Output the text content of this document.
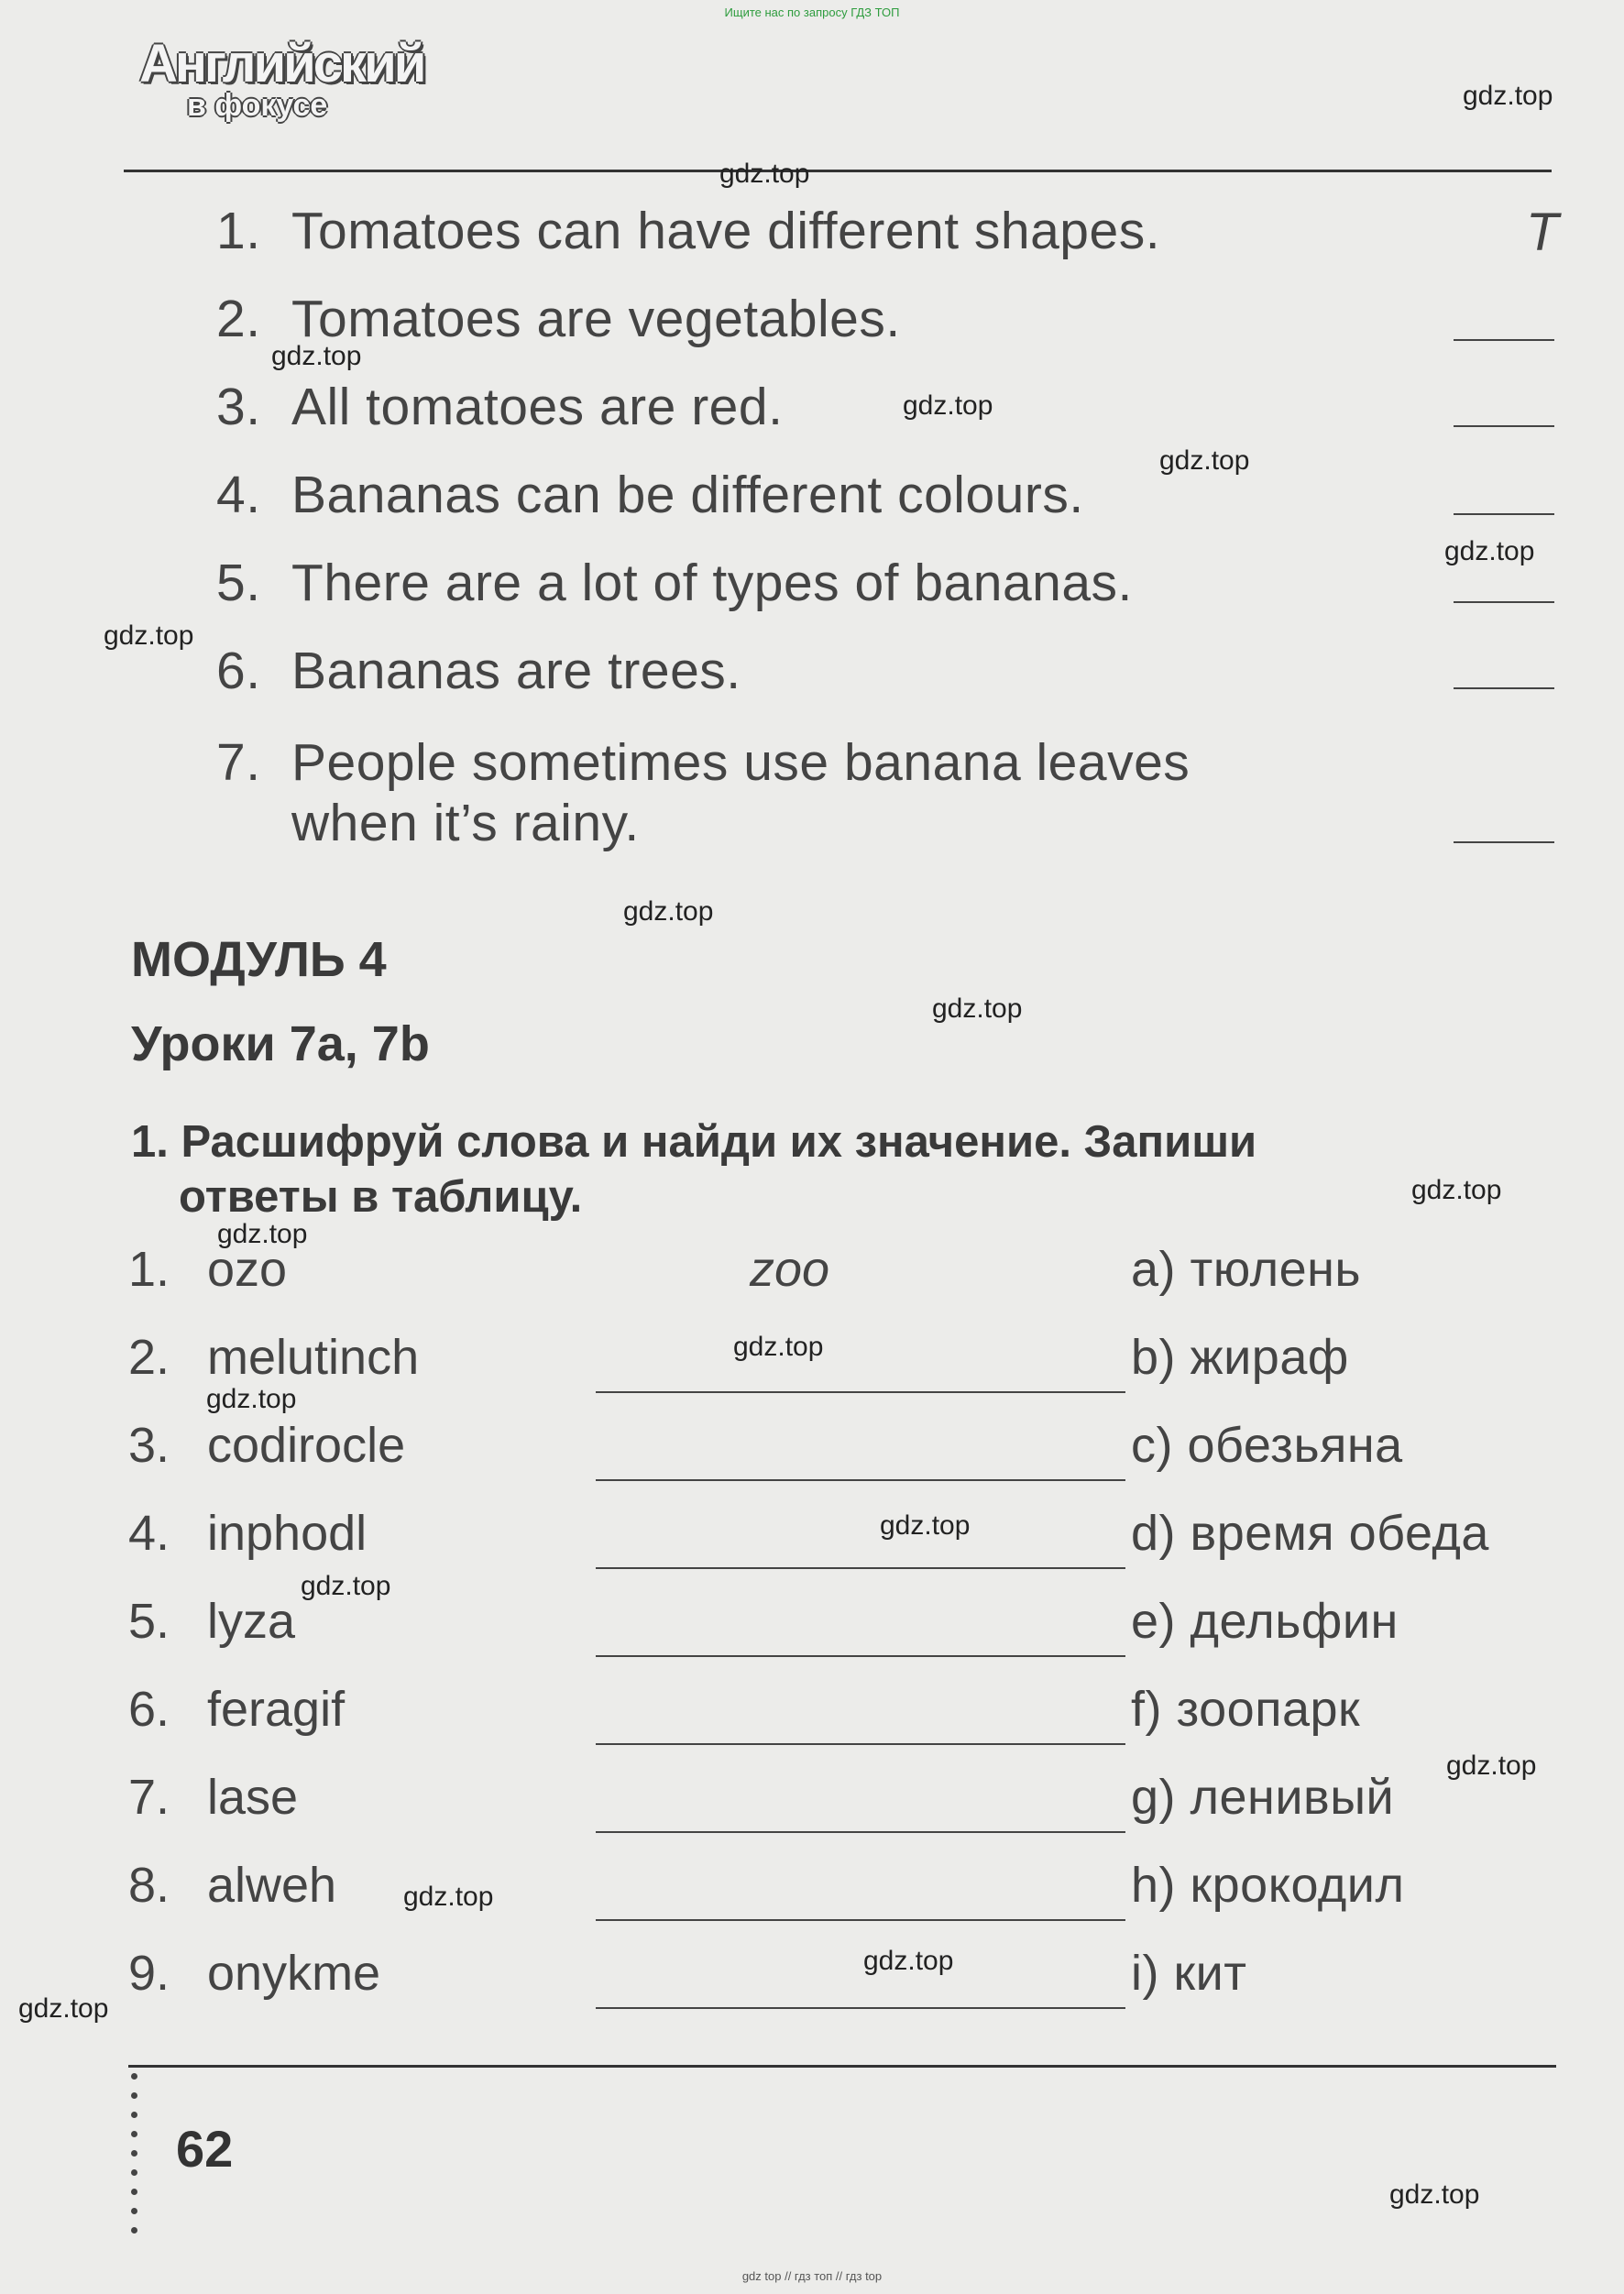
Ищите нас по запросу ГДЗ ТОП
Английский
в фокусе	gdz.top
gdz.top
gdz.top
gdz.top
gdz.top
gdz.top
gdz.top
gdz.top
gdz.top
gdz.top
gdz.top
gdz.top
gdz.top
gdz.top
gdz.top
gdz.top
gdz.top
gdz.top
gdz.top
gdz.top
1. Tomatoes can have different shapes.	T
2. Tomatoes are vegetables.
3. All tomatoes are red.
4. Bananas can be different colours.
5. There are a lot of types of bananas.
6. Bananas are trees.
7. People sometimes use banana leaves
when it’s rainy.
МОДУЛЬ 4
Уроки 7a, 7b
1. Расшифруй слова и найди их значение. Запиши
ответы в таблицу.
1. ozo	zoo	a) тюлень
2. melutinch	b) жираф
3. codirocle	c) обезьяна
4. inphodl	d) время обеда
5. lyza	e) дельфин
6. feragif	f) зоопарк
7. lase	g) ленивый
8. alweh	h) крокодил
9. onykme	i) кит
62
gdz top // гдз топ // гдз top
